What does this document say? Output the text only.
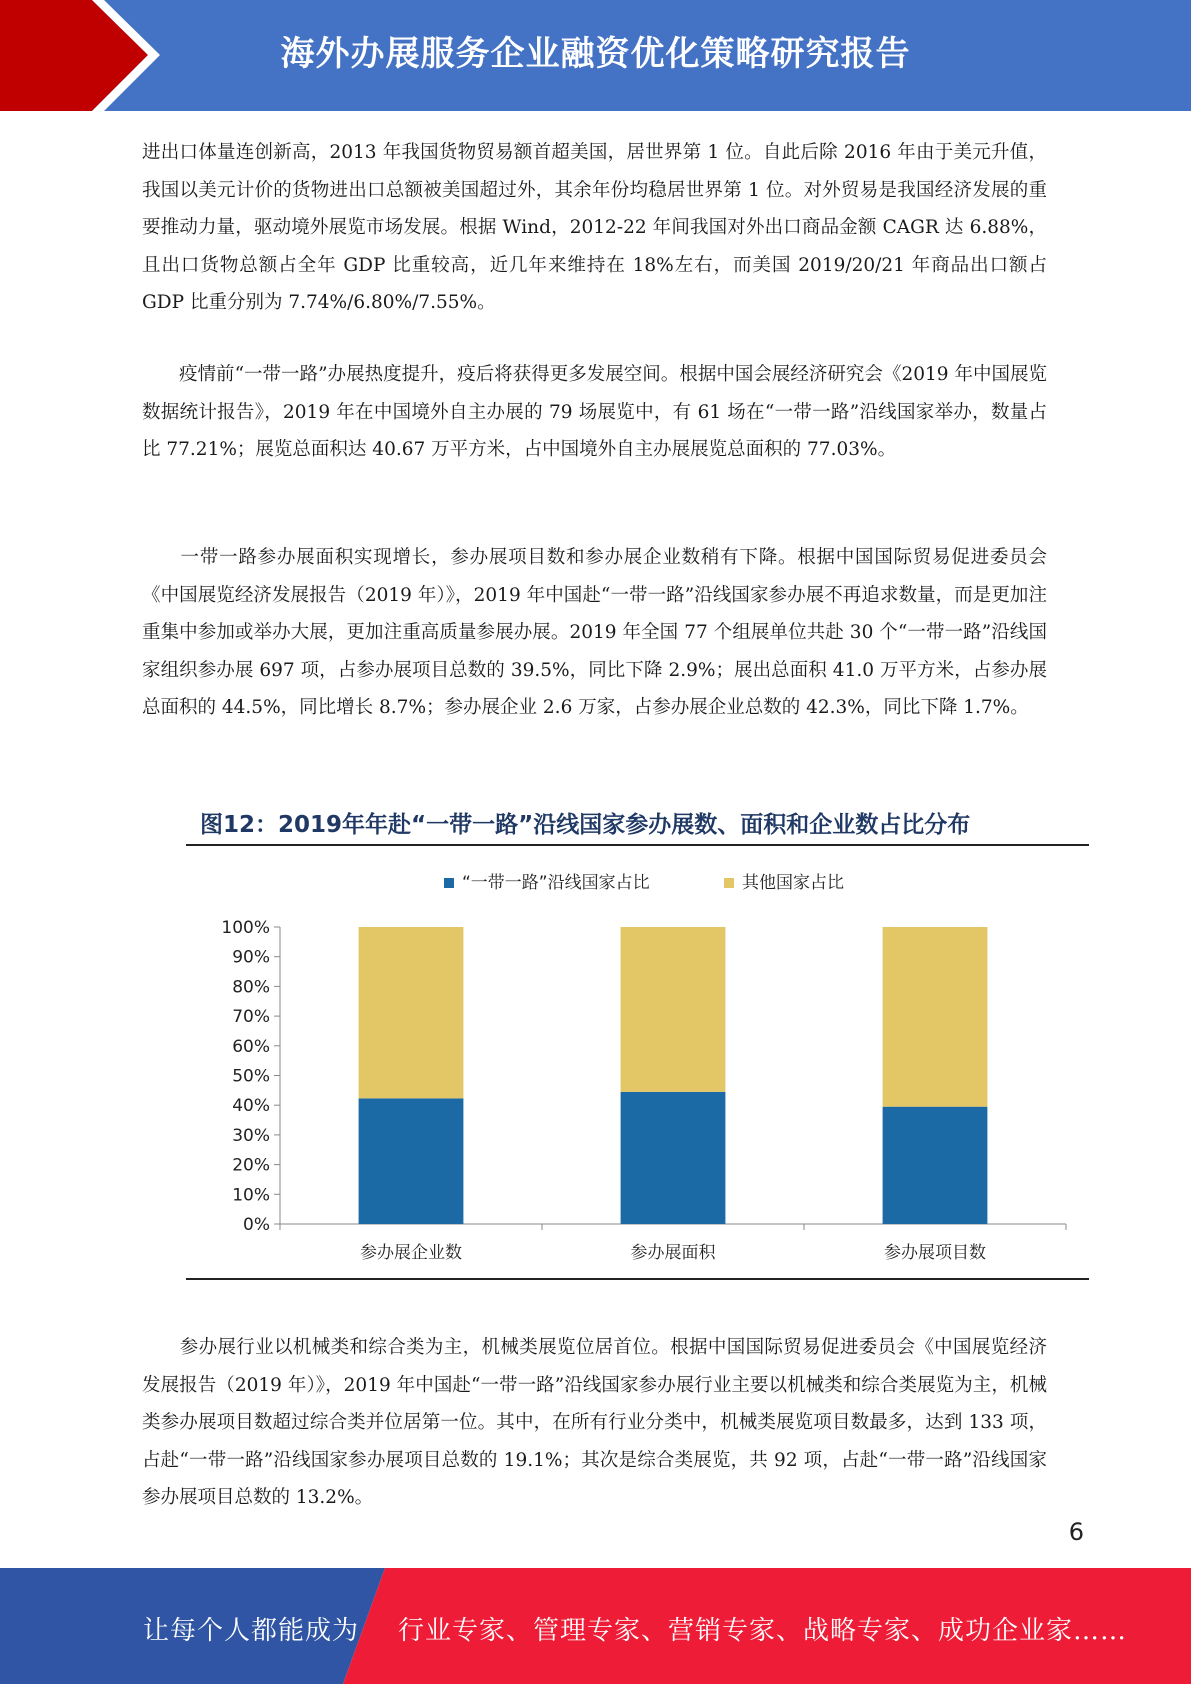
海外办展服务企业融资优化策略研究报告

进出口体量连创新高，2013 年我国货物贸易额首超美国，居世界第 1 位。自此后除 2016 年由于美元升值，我国以美元计价的货物进出口总额被美国超过外，其余年份均稳居世界第 1 位。对外贸易是我国经济发展的重要推动力量，驱动境外展览市场发展。根据 Wind，2012-22 年间我国对外出口商品金额 CAGR 达 6.88%，且出口货物总额占全年 GDP 比重较高，近几年来维持在 18%左右，而美国 2019/20/21 年商品出口额占 GDP 比重分别为 7.74%/6.80%/7.55%。

　　疫情前“一带一路”办展热度提升，疫后将获得更多发展空间。根据中国会展经济研究会《2019 年中国展览数据统计报告》，2019 年在中国境外自主办展的 79 场展览中，有 61 场在“一带一路”沿线国家举办，数量占比 77.21%；展览总面积达 40.67 万平方米，占中国境外自主办展展览总面积的 77.03%。

　　一带一路参办展面积实现增长，参办展项目数和参办展企业数稍有下降。根据中国国际贸易促进委员会《中国展览经济发展报告（2019 年）》，2019 年中国赴“一带一路”沿线国家参办展不再追求数量，而是更加注重集中参加或举办大展，更加注重高质量参展办展。2019 年全国 77 个组展单位共赴 30 个“一带一路”沿线国家组织参办展 697 项，占参办展项目总数的 39.5%，同比下降 2.9%；展出总面积 41.0 万平方米，占参办展总面积的 44.5%，同比增长 8.7%；参办展企业 2.6 万家，占参办展企业总数的 42.3%，同比下降 1.7%。

图12：2019年年赴“一带一路”沿线国家参办展数、面积和企业数占比分布
“一带一路”沿线国家占比	其他国家占比
0%
10%
20%
30%
40%
50%
60%
70%
80%
90%
100%
参办展企业数	参办展面积	参办展项目数

　　参办展行业以机械类和综合类为主，机械类展览位居首位。根据中国国际贸易促进委员会《中国展览经济发展报告（2019 年）》，2019 年中国赴“一带一路”沿线国家参办展行业主要以机械类和综合类展览为主，机械类参办展项目数超过综合类并位居第一位。其中，在所有行业分类中，机械类展览项目数最多，达到 133 项，占赴“一带一路”沿线国家参办展项目总数的 19.1%；其次是综合类展览，共 92 项，占赴“一带一路”沿线国家参办展项目总数的 13.2%。

6
让每个人都能成为 行业专家、管理专家、营销专家、战略专家、成功企业家……
